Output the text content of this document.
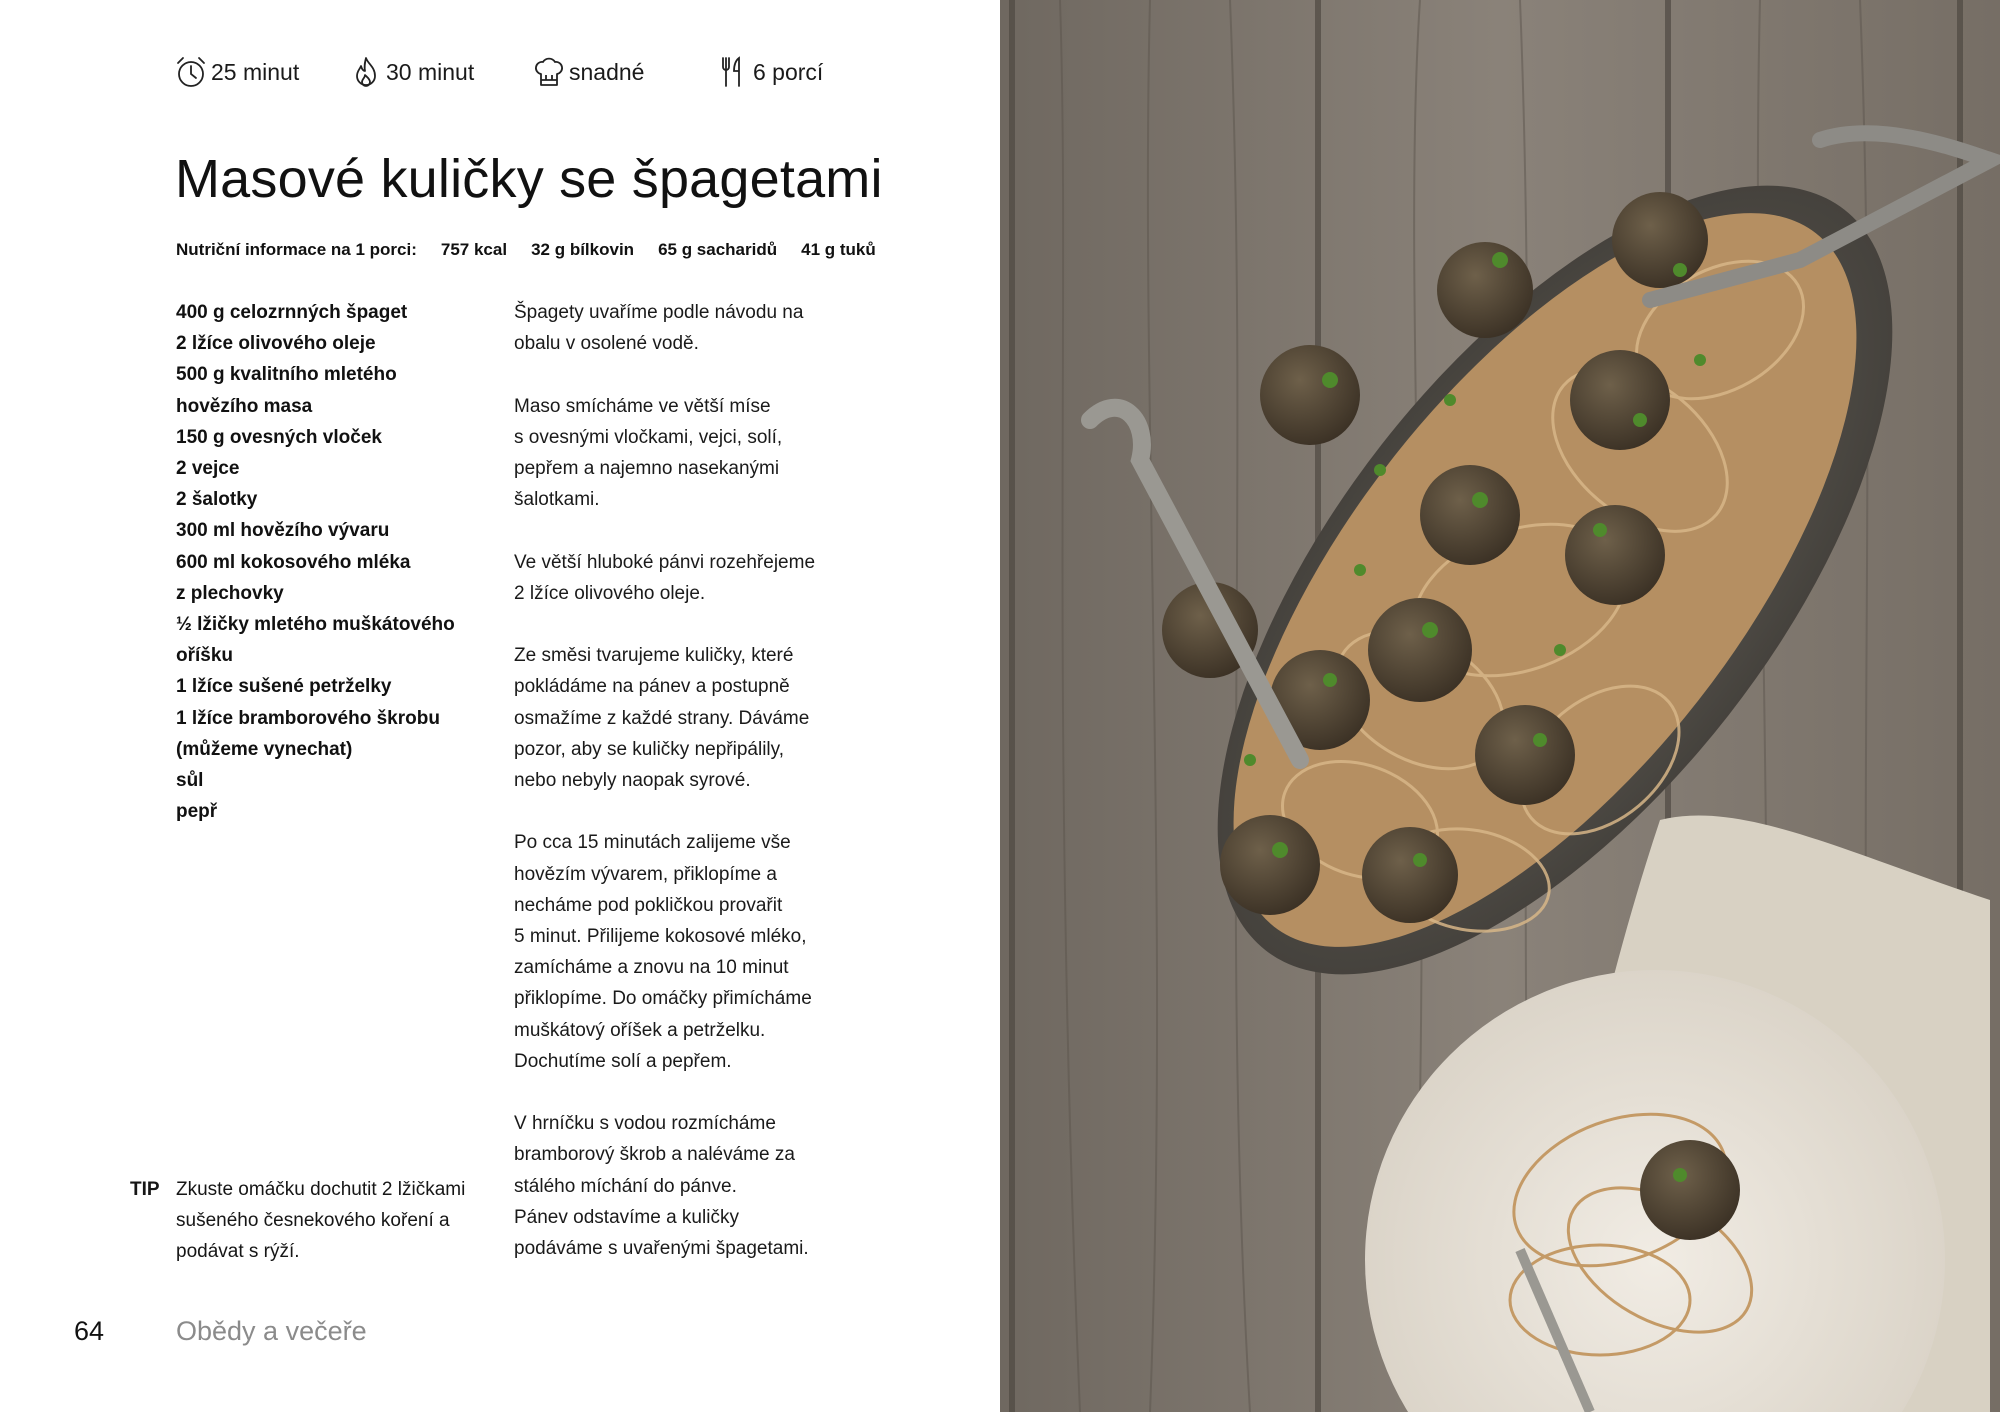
25 minut	30 minut	snadné	6 porcí
Masové kuličky se špagetami
Nutriční informace na 1 porci: 757 kcal 32 g bílkovin 65 g sacharidů 41 g tuků
400 g celozrnných špaget
2 lžíce olivového oleje
500 g kvalitního mletého
hovězího masa
150 g ovesných vloček
2 vejce
2 šalotky
300 ml hovězího vývaru
600 ml kokosového mléka
z plechovky
½ lžičky mletého muškátového
oříšku
1 lžíce sušené petrželky
1 lžíce bramborového škrobu
(můžeme vynechat)
sůl
pepř

Špagety uvaříme podle návodu na
obalu v osolené vodě.

Maso smícháme ve větší míse
s ovesnými vločkami, vejci, solí,
pepřem a najemno nasekanými
šalotkami.

Ve větší hluboké pánvi rozehřejeme
2 lžíce olivového oleje.

Ze směsi tvarujeme kuličky, které
pokládáme na pánev a postupně
osmažíme z každé strany. Dáváme
pozor, aby se kuličky nepřipálily,
nebo nebyly naopak syrové.

Po cca 15 minutách zalijeme vše
hovězím vývarem, přiklopíme a
necháme pod pokličkou provařit
5 minut. Přilijeme kokosové mléko,
zamícháme a znovu na 10 minut
přiklopíme. Do omáčky přimícháme
muškátový oříšek a petrželku.
Dochutíme solí a pepřem.

V hrníčku s vodou rozmícháme
bramborový škrob a naléváme za
stálého míchání do pánve.
Pánev odstavíme a kuličky
podáváme s uvařenými špagetami.

TIP Zkuste omáčku dochutit 2 lžičkami
sušeného česnekového koření a
podávat s rýží.
64	Obědy a večeře
